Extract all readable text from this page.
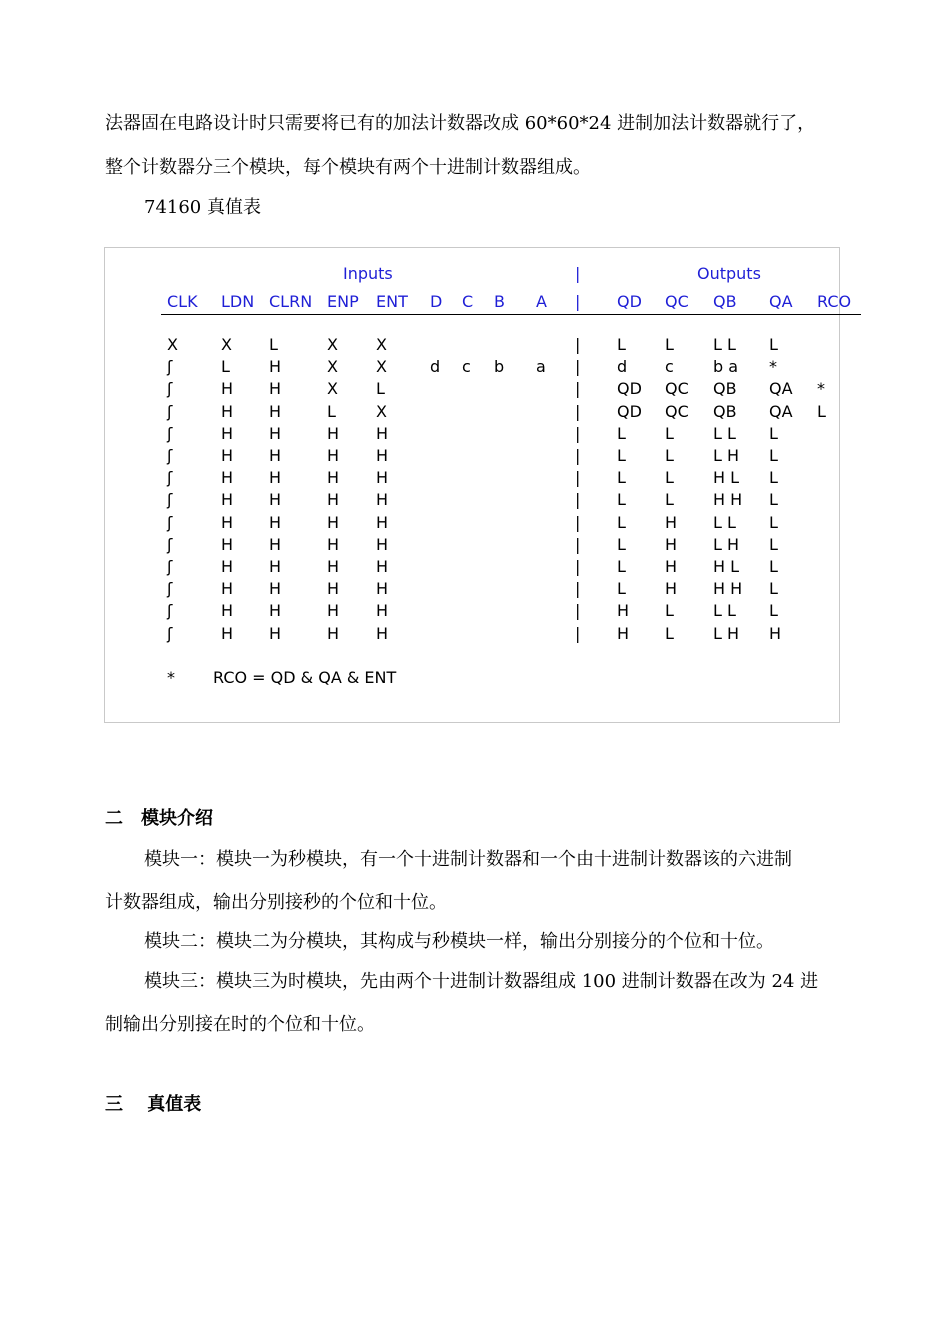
法器固在电路设计时只需要将已有的加法计数器改成 60*60*24 进制加法计数器就行了，
整个计数器分三个模块，每个模块有两个十进制计数器组成。
74160 真值表
Inputs	|	Outputs
CLK LDN CLRN ENP ENT D C B A | QD QC QB QA RCO
X	X L	X X	| L L L L L
ʃ	L H	X X	d c b a | d c b a *
ʃ	H H	X L	| QD QC QB QA *
ʃ	H H	L	X	| QD QC QB QA L
ʃ	H H	H H	| L L L L L
ʃ	H H	H H	| L L L H L
ʃ	H H	H H	| L L H L L
ʃ	H H	H H	| L L H H L
ʃ	H H	H H	| L H L L L
ʃ	H H	H H	| L H L H L
ʃ	H H	H H	| L H H L L
ʃ	H H	H H	| L H H H L
ʃ	H H	H H	| H L L L L
ʃ	H H	H H	| H L L H H
* RCO = QD & QA & ENT
二　模块介绍
模块一：模块一为秒模块，有一个十进制计数器和一个由十进制计数器该的六进制
计数器组成，输出分别接秒的个位和十位。
模块二：模块二为分模块，其构成与秒模块一样，输出分别接分的个位和十位。
模块三：模块三为时模块，先由两个十进制计数器组成 100 进制计数器在改为 24 进
制输出分别接在时的个位和十位。
三　 真值表
